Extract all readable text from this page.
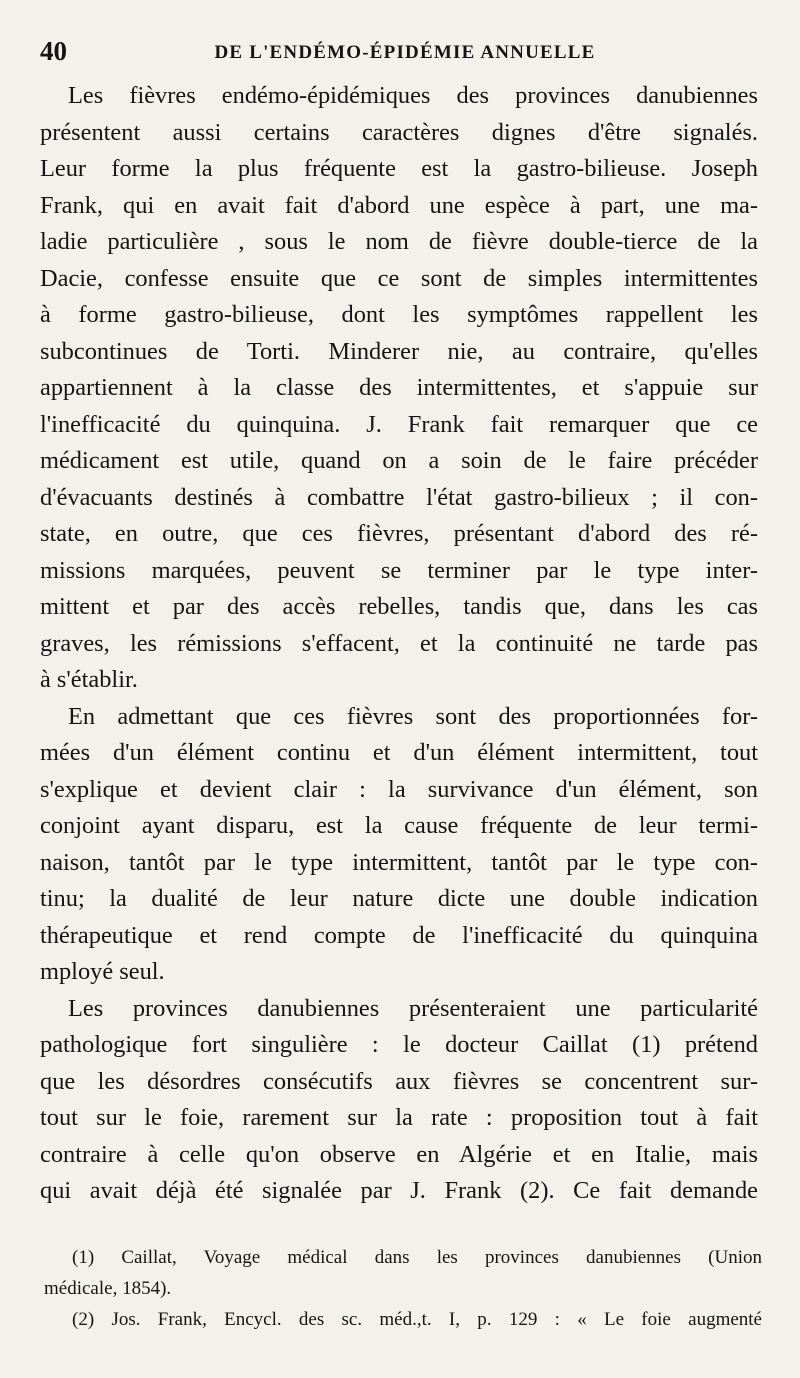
40	DE L'ENDÉMO-ÉPIDÉMIE ANNUELLE
Les fièvres endémo-épidémiques des provinces danubiennes
présentent aussi certains caractères dignes d'être signalés.
Leur forme la plus fréquente est la gastro-bilieuse. Joseph
Frank, qui en avait fait d'abord une espèce à part, une ma-
ladie particulière , sous le nom de fièvre double-tierce de la
Dacie, confesse ensuite que ce sont de simples intermittentes
à forme gastro-bilieuse, dont les symptômes rappellent les
subcontinues de Torti. Minderer nie, au contraire, qu'elles
appartiennent à la classe des intermittentes, et s'appuie sur
l'inefficacité du quinquina. J. Frank fait remarquer que ce
médicament est utile, quand on a soin de le faire précéder
d'évacuants destinés à combattre l'état gastro-bilieux ; il con-
state, en outre, que ces fièvres, présentant d'abord des ré-
missions marquées, peuvent se terminer par le type inter-
mittent et par des accès rebelles, tandis que, dans les cas
graves, les rémissions s'effacent, et la continuité ne tarde pas
à s'établir.
En admettant que ces fièvres sont des proportionnées for-
mées d'un élément continu et d'un élément intermittent, tout
s'explique et devient clair : la survivance d'un élément, son
conjoint ayant disparu, est la cause fréquente de leur termi-
naison, tantôt par le type intermittent, tantôt par le type con-
tinu; la dualité de leur nature dicte une double indication
thérapeutique et rend compte de l'inefficacité du quinquina
mployé seul.
Les provinces danubiennes présenteraient une particularité
pathologique fort singulière : le docteur Caillat (1) prétend
que les désordres consécutifs aux fièvres se concentrent sur-
tout sur le foie, rarement sur la rate : proposition tout à fait
contraire à celle qu'on observe en Algérie et en Italie, mais
qui avait déjà été signalée par J. Frank (2). Ce fait demande
(1) Caillat, Voyage médical dans les provinces danubiennes (Union
médicale, 1854).
(2) Jos. Frank, Encycl. des sc. méd.,t. I, p. 129 : « Le foie augmenté
